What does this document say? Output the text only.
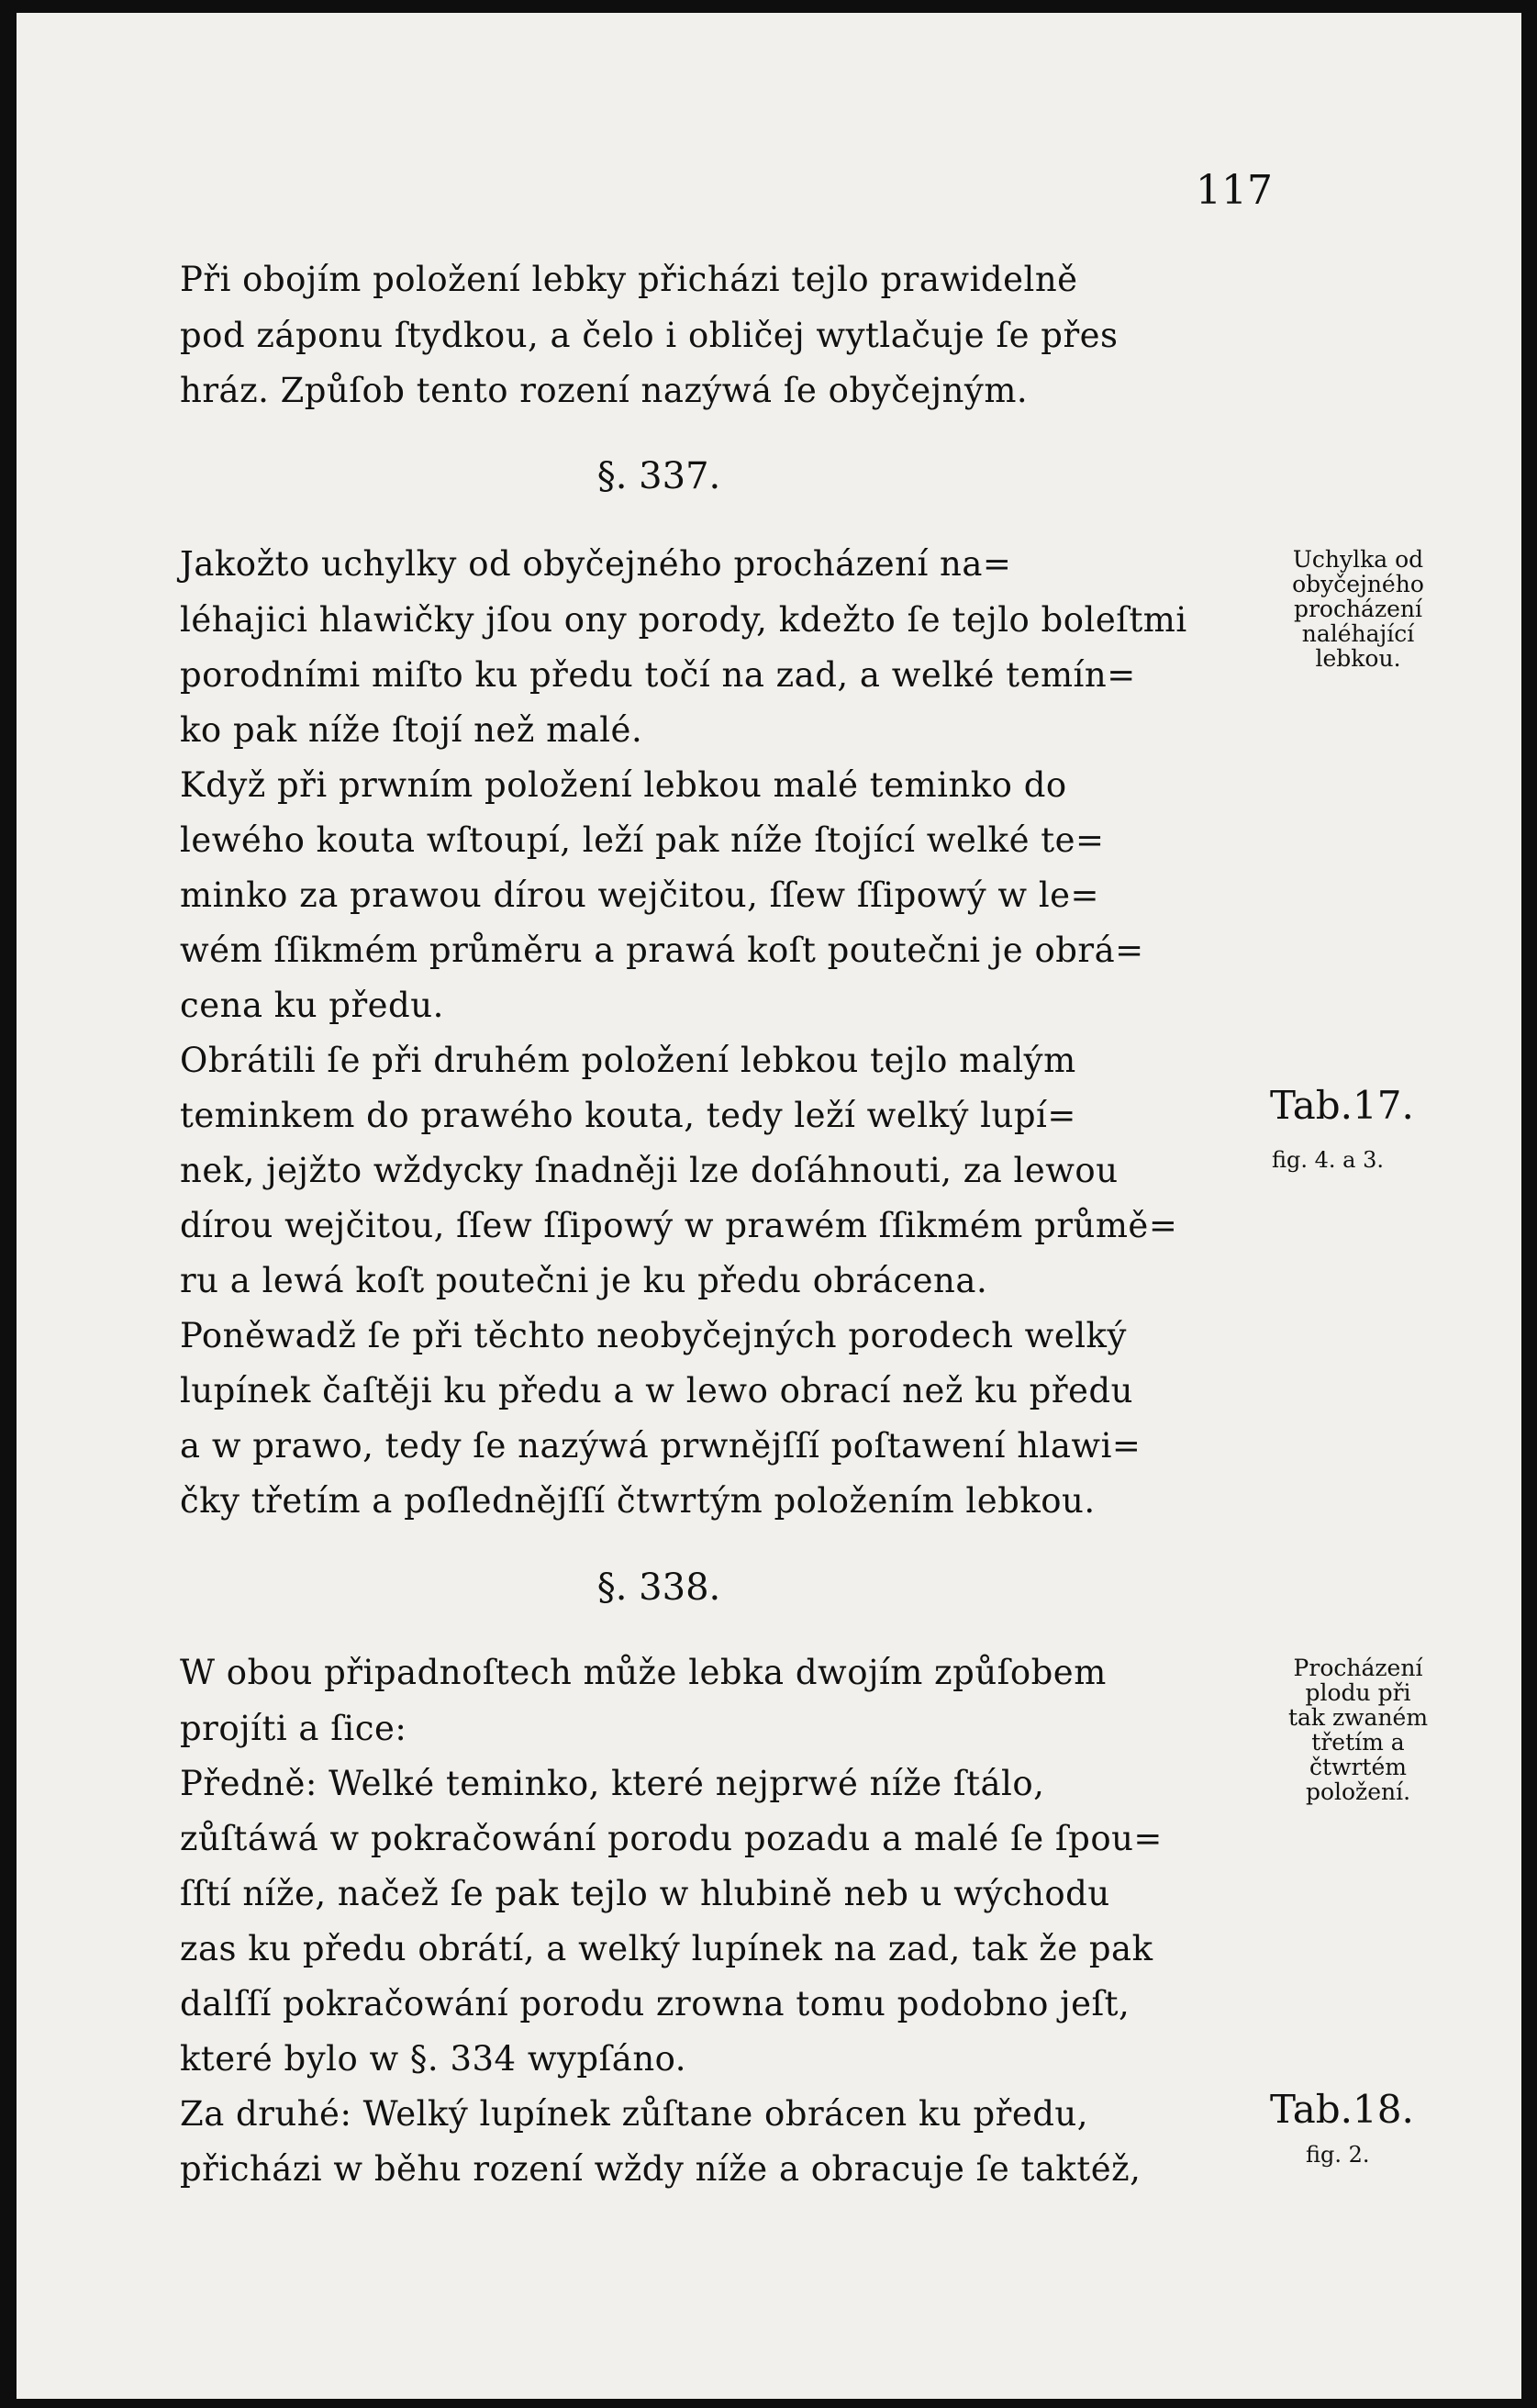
117
Při obojím položení lebky přicházi tejlo prawidelně
pod záponu ſtydkou, a čelo i obličej wytlačuje ſe přes
hráz. Způſob tento rození nazýwá ſe obyčejným.
§. 337.
Jakožto uchylky od obyčejného procházení na=
léhajici hlawičky jſou ony porody, kdežto ſe tejlo boleſtmi
porodními miſto ku předu točí na zad, a welké temín=
ko pak níže ſtojí než malé.
Když při prwním položení lebkou malé teminko do
lewého kouta wſtoupí, leží pak níže ſtojící welké te=
minko za prawou dírou wejčitou, ſſew ſſipowý w le=
wém ſſikmém průměru a prawá koſt poutečni je obrá=
cena ku předu.
Obrátili ſe při druhém položení lebkou tejlo malým
teminkem do prawého kouta, tedy leží welký lupí=
nek, jejžto wždycky ſnadněji lze doſáhnouti, za lewou
dírou wejčitou, ſſew ſſipowý w prawém ſſikmém průmě=
ru a lewá koſt poutečni je ku předu obrácena.
Poněwadž ſe při těchto neobyčejných porodech welký
lupínek čaſtěji ku předu a w lewo obrací než ku předu
a w prawo, tedy ſe nazýwá prwnějſſí poſtawení hlawi=
čky třetím a poſlednějſſí čtwrtým položením lebkou.
§. 338.
W obou připadnoſtech může lebka dwojím způſobem
projíti a ſice:
Předně: Welké teminko, které nejprwé níže ſtálo,
zůſtáwá w pokračowání porodu pozadu a malé ſe ſpou=
ſſtí níže, načež ſe pak tejlo w hlubině neb u wýchodu
zas ku předu obrátí, a welký lupínek na zad, tak že pak
dalſſí pokračowání porodu zrowna tomu podobno jeſt,
které bylo w §. 334 wypſáno.
Za druhé: Welký lupínek zůſtane obrácen ku předu,
přicházi w běhu rození wždy níže a obracuje ſe taktéž,
Uchylka od
obyčejného
procházení
naléhající
lebkou.
Tab.17.
fig. 4. a 3.
Procházení
plodu při
tak zwaném
třetím a
čtwrtém
položení.
Tab.18.
fig. 2.
